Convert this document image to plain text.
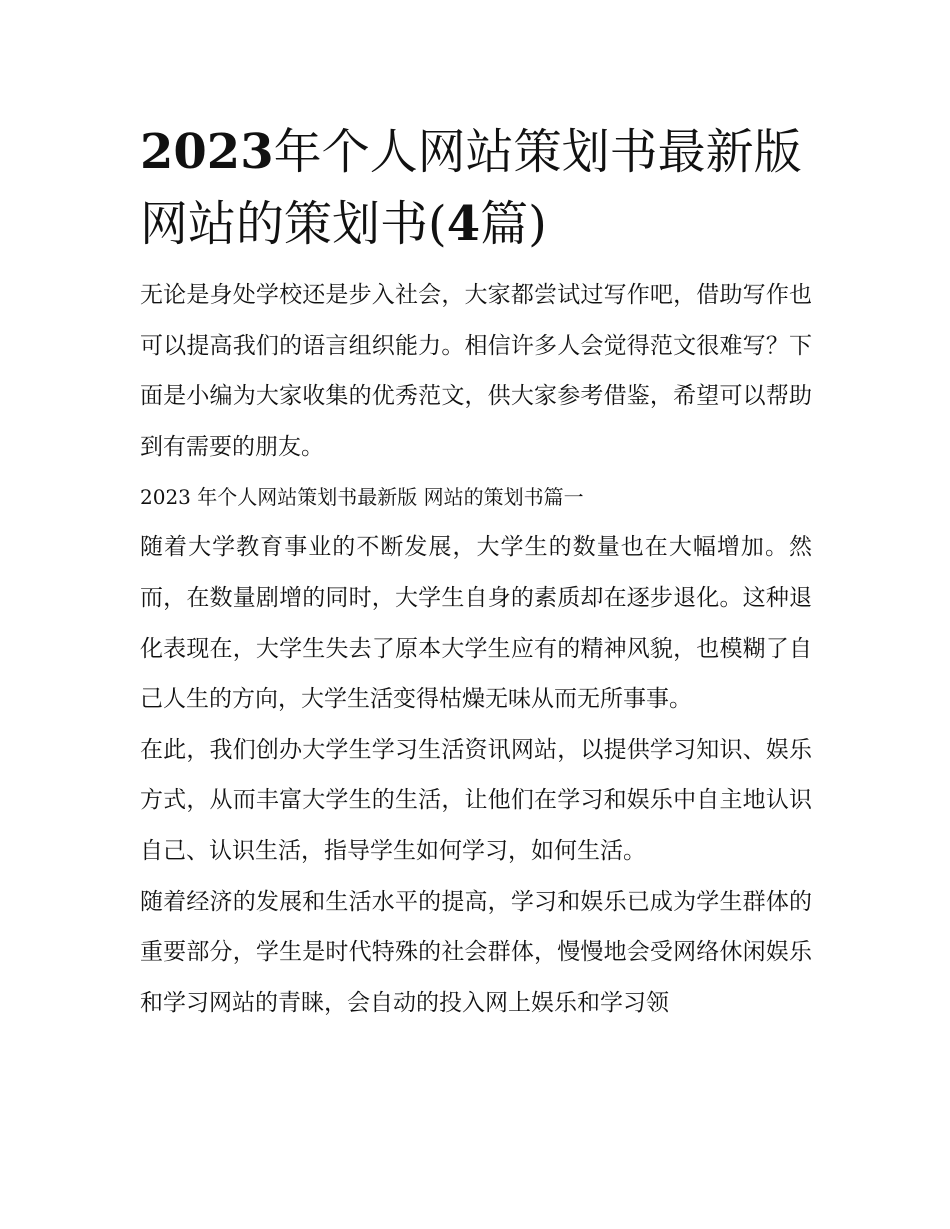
2023年个人网站策划书最新版
网站的策划书(4篇)

无论是身处学校还是步入社会，大家都尝试过写作吧，借助写作也可以提高我们的语言组织能力。相信许多人会觉得范文很难写？下面是小编为大家收集的优秀范文，供大家参考借鉴，希望可以帮助到有需要的朋友。

2023 年个人网站策划书最新版 网站的策划书篇一

随着大学教育事业的不断发展，大学生的数量也在大幅增加。然而，在数量剧增的同时，大学生自身的素质却在逐步退化。这种退化表现在，大学生失去了原本大学生应有的精神风貌，也模糊了自己人生的方向，大学生活变得枯燥无味从而无所事事。

在此，我们创办大学生学习生活资讯网站，以提供学习知识、娱乐方式，从而丰富大学生的生活，让他们在学习和娱乐中自主地认识自己、认识生活，指导学生如何学习，如何生活。

随着经济的发展和生活水平的提高，学习和娱乐已成为学生群体的重要部分，学生是时代特殊的社会群体，慢慢地会受网络休闲娱乐和学习网站的青睐，会自动的投入网上娱乐和学习领
